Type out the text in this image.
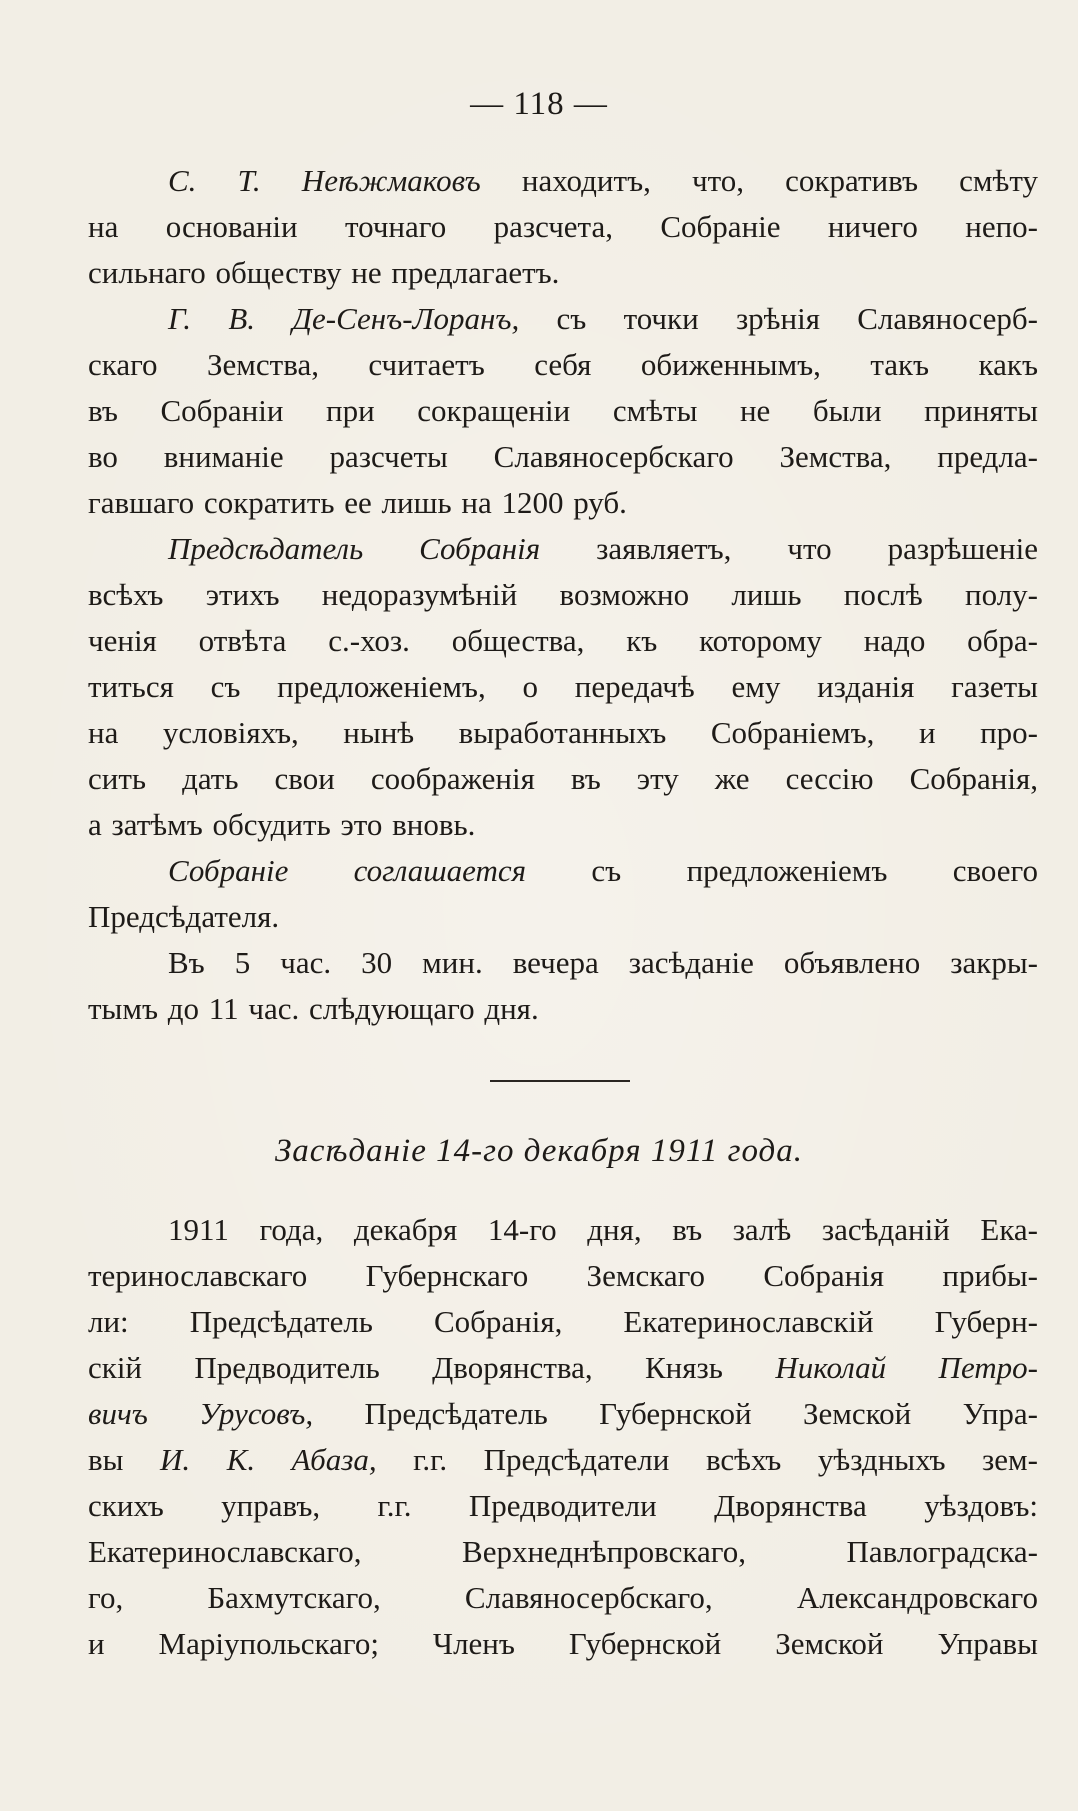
— 118 —

С. Т. Неѣжмаковъ находитъ, что, сокративъ смѣту
на основаніи точнаго разсчета, Собраніе ничего непо-
сильнаго обществу не предлагаетъ.

Г. В. Де-Сенъ-Лоранъ, съ точки зрѣнія Славяносерб-
скаго Земства, считаетъ себя обиженнымъ, такъ какъ
въ Собраніи при сокращеніи смѣты не были приняты
во вниманіе разсчеты Славяносербскаго Земства, предла-
гавшаго сократить ее лишь на 1200 руб.

Предсѣдатель Собранія заявляетъ, что разрѣшеніе
всѣхъ этихъ недоразумѣній возможно лишь послѣ полу-
ченія отвѣта с.-хоз. общества, къ которому надо обра-
титься съ предложеніемъ, о передачѣ ему изданія газеты
на условіяхъ, нынѣ выработанныхъ Собраніемъ, и про-
сить дать свои соображенія въ эту же сессію Собранія,
а затѣмъ обсудить это вновь.

Собраніе соглашается съ предложеніемъ своего
Предсѣдателя.

Въ 5 час. 30 мин. вечера засѣданіе объявлено закры-
тымъ до 11 час. слѣдующаго дня.

Засѣданіе 14-го декабря 1911 года.

1911 года, декабря 14-го дня, въ залѣ засѣданій Ека-
теринославскаго Губернскаго Земскаго Собранія прибы-
ли: Предсѣдатель Собранія, Екатеринославскій Губерн-
скій Предводитель Дворянства, Князь Николай Петро-
вичъ Урусовъ, Предсѣдатель Губернской Земской Упра-
вы И. К. Абаза, г.г. Предсѣдатели всѣхъ уѣздныхъ зем-
скихъ управъ, г.г. Предводители Дворянства уѣздовъ:
Екатеринославскаго, Верхнеднѣпровскаго, Павлоградска-
го, Бахмутскаго, Славяносербскаго, Александровскаго
и Маріупольскаго; Членъ Губернской Земской Управы
